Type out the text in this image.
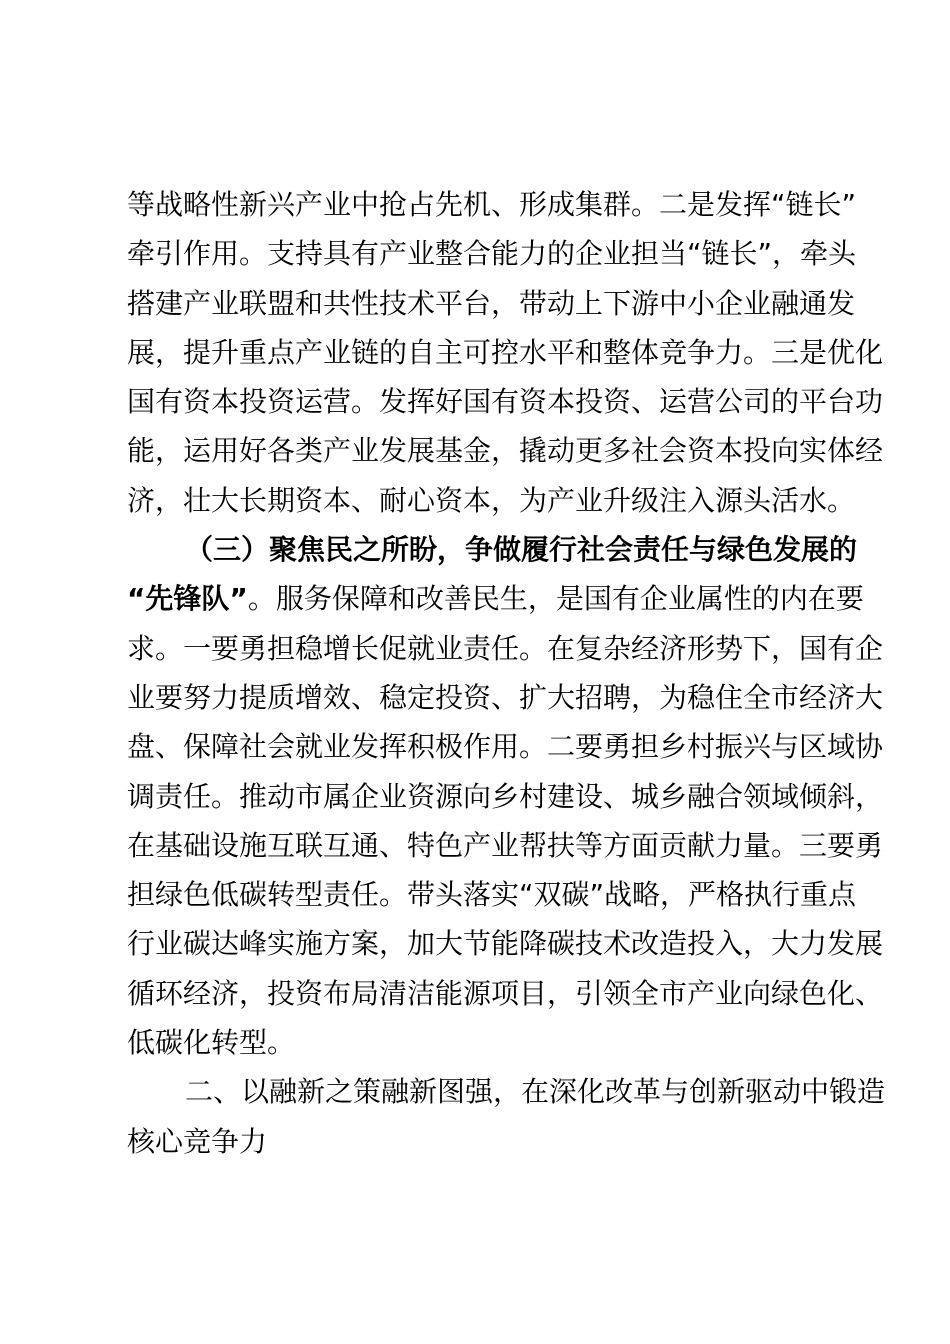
等战略性新兴产业中抢占先机、形成集群。二是发挥“链长”
牵引作用。支持具有产业整合能力的企业担当“链长”，牵头
搭建产业联盟和共性技术平台，带动上下游中小企业融通发
展，提升重点产业链的自主可控水平和整体竞争力。三是优化
国有资本投资运营。发挥好国有资本投资、运营公司的平台功
能，运用好各类产业发展基金，撬动更多社会资本投向实体经
济，壮大长期资本、耐心资本，为产业升级注入源头活水。
（三）聚焦民之所盼，争做履行社会责任与绿色发展的
“先锋队”。服务保障和改善民生，是国有企业属性的内在要
求。一要勇担稳增长促就业责任。在复杂经济形势下，国有企
业要努力提质增效、稳定投资、扩大招聘，为稳住全市经济大
盘、保障社会就业发挥积极作用。二要勇担乡村振兴与区域协
调责任。推动市属企业资源向乡村建设、城乡融合领域倾斜，
在基础设施互联互通、特色产业帮扶等方面贡献力量。三要勇
担绿色低碳转型责任。带头落实“双碳”战略，严格执行重点
行业碳达峰实施方案，加大节能降碳技术改造投入，大力发展
循环经济，投资布局清洁能源项目，引领全市产业向绿色化、
低碳化转型。
二、以融新之策融新图强，在深化改革与创新驱动中锻造
核心竞争力
